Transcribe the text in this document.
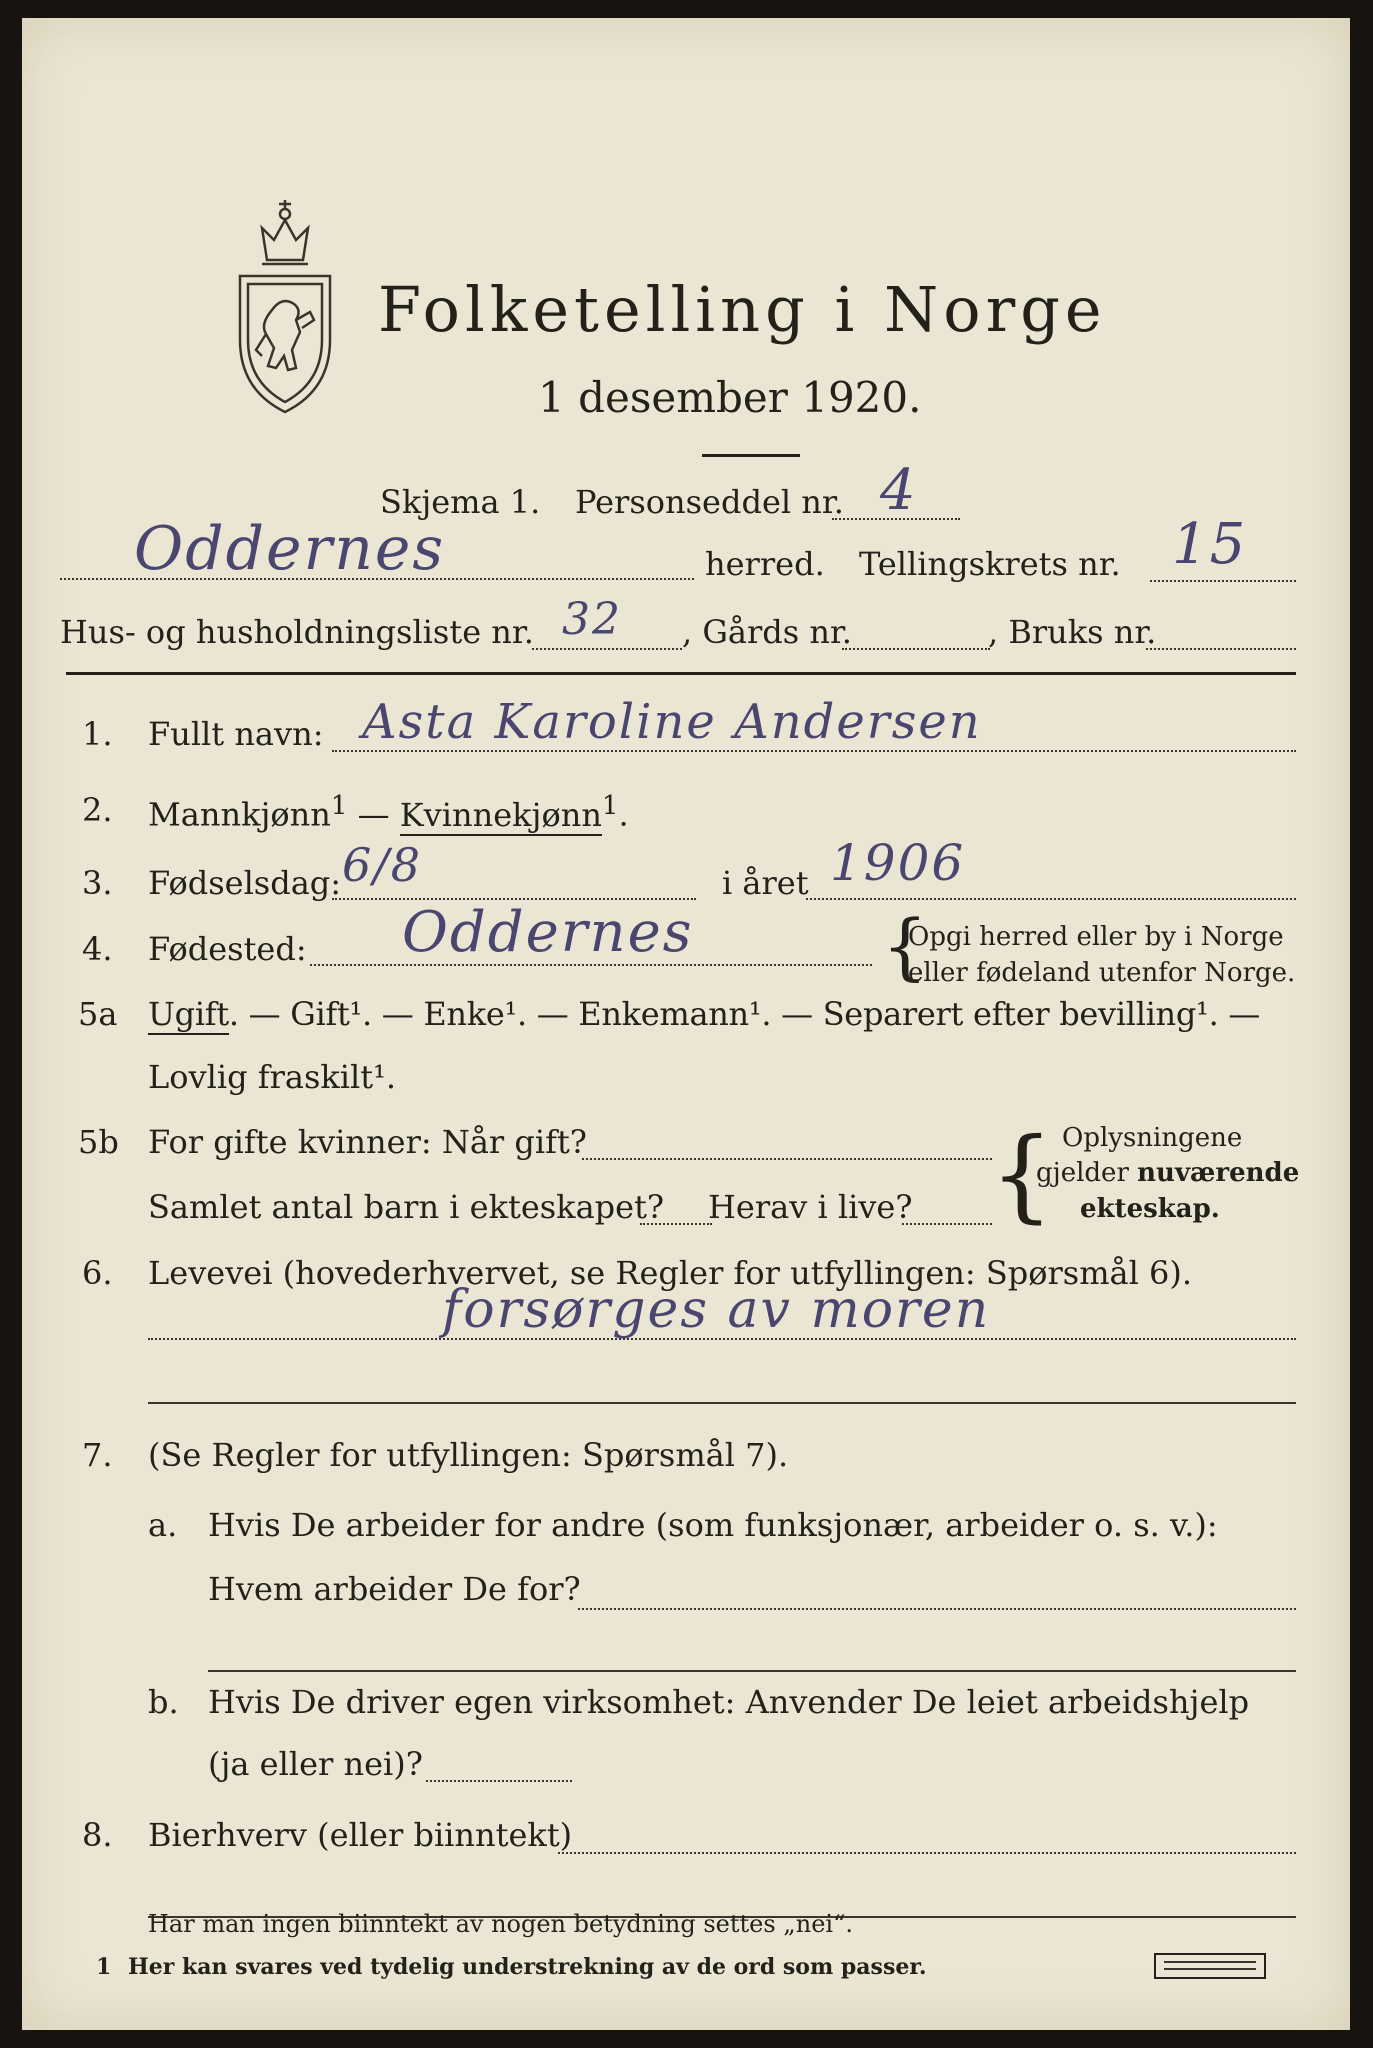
Folketelling i Norge
1 desember 1920.
Skjema 1. Personseddel nr. 4
Oddernes	herred. Tellingskrets nr. 15
Hus- og husholdningsliste nr. 32 , Gårds nr.	, Bruks nr.
1. Fullt navn: Asta Karoline Andersen
2. Mannkjønn$^1$ — Kvinnekjønn$^1$.
3. Fødselsdag: 6/8	i året 1906
4. Fødested: Oddernes	{
Opgi herred eller by i Norge
eller fødeland utenfor Norge.
5a Ugift. — Gift¹. — Enke¹. — Enkemann¹. — Separert efter bevilling¹. —
Lovlig fraskilt¹.
5b For gifte kvinner: Når gift?
Samlet antal barn i ekteskapet? Herav i live? { Oplysningene
gjelder nuværende
ekteskap.
6. Levevei (hovederhvervet, se Regler for utfyllingen: Spørsmål 6).
forsørges av moren
7. (Se Regler for utfyllingen: Spørsmål 7).
a. Hvis De arbeider for andre (som funksjonær, arbeider o. s. v.):
Hvem arbeider De for?
b. Hvis De driver egen virksomhet: Anvender De leiet arbeidshjelp
(ja eller nei)?
8. Bierhverv (eller biinntekt)
Har man ingen biinntekt av nogen betydning settes „nei“.
1 Her kan svares ved tydelig understrekning av de ord som passer.
